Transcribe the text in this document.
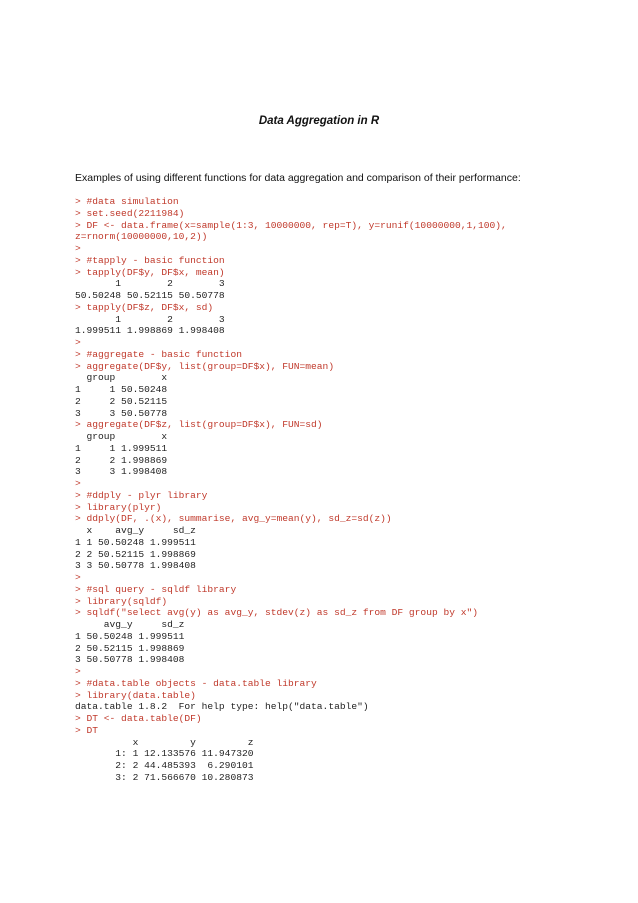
Data Aggregation in R
Examples of using different functions for data aggregation and comparison of their performance:
> #data simulation
> set.seed(2211984)
> DF <- data.frame(x=sample(1:3, 10000000, rep=T), y=runif(10000000,1,100),
z=rnorm(10000000,10,2))
>
> #tapply - basic function
> tapply(DF$y, DF$x, mean)
1        2        3
50.50248 50.52115 50.50778
> tapply(DF$z, DF$x, sd)
1        2        3
1.999511 1.998869 1.998408
>
> #aggregate - basic function
> aggregate(DF$y, list(group=DF$x), FUN=mean)
group        x
1     1 50.50248
2     2 50.52115
3     3 50.50778
> aggregate(DF$z, list(group=DF$x), FUN=sd)
group        x
1     1 1.999511
2     2 1.998869
3     3 1.998408
>
> #ddply - plyr library
> library(plyr)
> ddply(DF, .(x), summarise, avg_y=mean(y), sd_z=sd(z))
x    avg_y     sd_z
1 1 50.50248 1.999511
2 2 50.52115 1.998869
3 3 50.50778 1.998408
>
> #sql query - sqldf library
> library(sqldf)
> sqldf("select avg(y) as avg_y, stdev(z) as sd_z from DF group by x")
avg_y     sd_z
1 50.50248 1.999511
2 50.52115 1.998869
3 50.50778 1.998408
>
> #data.table objects - data.table library
> library(data.table)
data.table 1.8.2  For help type: help("data.table")
> DT <- data.table(DF)
> DT
x         y         z
1: 1 12.133576 11.947320
2: 2 44.485393  6.290101
3: 2 71.566670 10.280873
